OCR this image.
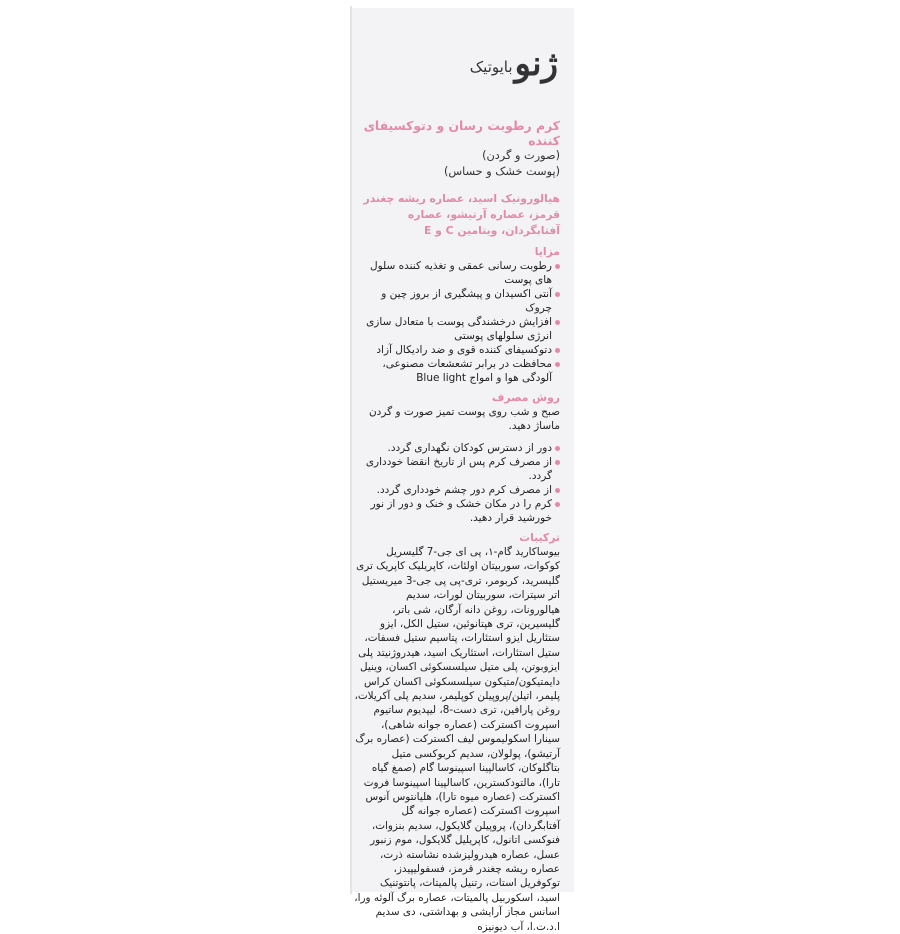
ژنو
بایوتیک

کرم رطوبت رسان و دتوکسیفای کننده

(صورت و گردن)

(پوست خشک و حساس)

هیالورونیک اسید، عصاره ریشه چغندر قرمز، عصاره آرتیشو، عصاره آفتابگردان، ویتامین C و E
مزایا
رطوبت رسانی عمقی و تغذیه کننده سلول های پوست
آنتی اکسیدان و پیشگیری از بروز چین و چروک
افزایش درخشندگی پوست با متعادل سازی انرژی سلولهای پوستی
دتوکسیفای کننده قوی و ضد رادیکال آزاد
محافظت در برابر تشعشعات مصنوعی، آلودگی هوا و امواج Blue light
روش مصرف

صبح و شب روی پوست تمیز صورت و گردن ماساژ دهید.

دور از دسترس کودکان نگهداری گردد.
از مصرف کرم پس از تاریخ انقضا خودداری گردد.
از مصرف کرم دور چشم خودداری گردد.
کرم را در مکان خشک و خنک و دور از نور خورشید قرار دهید.
ترکیبات

بیوساکارید گام-۱، پی ای جی-7 گلیسریل کوکوات، سوربیتان اولئات، کاپریلیک کاپریک تری گلیسرید، کربومر، تری-پی پی جی-3 میریستیل اتر سیترات، سوربیتان لورات، سدیم هیالورونات، روغن دانه آرگان، شی باتر، گلیسیرین، تری هپتانوئین، ستیل الکل، ایزو ستئاریل ایزو استئارات، پتاسیم ستیل فسفات، ستیل استئارات، استئاریک اسید، هیدروژنیتد پلی ایزوبوتن، پلی متیل سیلسسکوئی اکسان، وینیل دایمتیکون/متیکون سیلسسکوئی اکسان کراس پلیمر، اتیلن/پروپیلن کوپلیمر، سدیم پلی آکریلات، روغن پارافین، تری دست-8، لیپدیوم ساتیوم اسپروت اکسترکت (عصاره جوانه شاهی)، سینارا اسکولیموس لیف اکسترکت (عصاره برگ آرتیشو)، پولولان، سدیم کربوکسی متیل بتاگلوکان، کاسالپینا اسپینوسا گام (صمغ گیاه تارا)، مالتودکسترین، کاسالپینا اسپینوسا فروت اکسترکت (عصاره میوه تارا)، هلیانتوس آنوس اسپروت اکسترکت (عصاره جوانه گل آفتابگردان)، پروپیلن گلایکول، سدیم بنزوات، فنوکسی اتانول، کاپریلیل گلایکول، موم زنبور عسل، عصاره هیدرولیزشده نشاسته ذرت، عصاره ریشه چغندر قرمز، فسفولیپیدز، توکوفریل استات، رتنیل پالمیتات، پانتوتنیک اسید، اسکوربیل پالمیتات، عصاره برگ آلوئه ورا، اسانس مجاز آرایشی و بهداشتی، دی سدیم ا.د.ت.ا، آب دیونیزه
